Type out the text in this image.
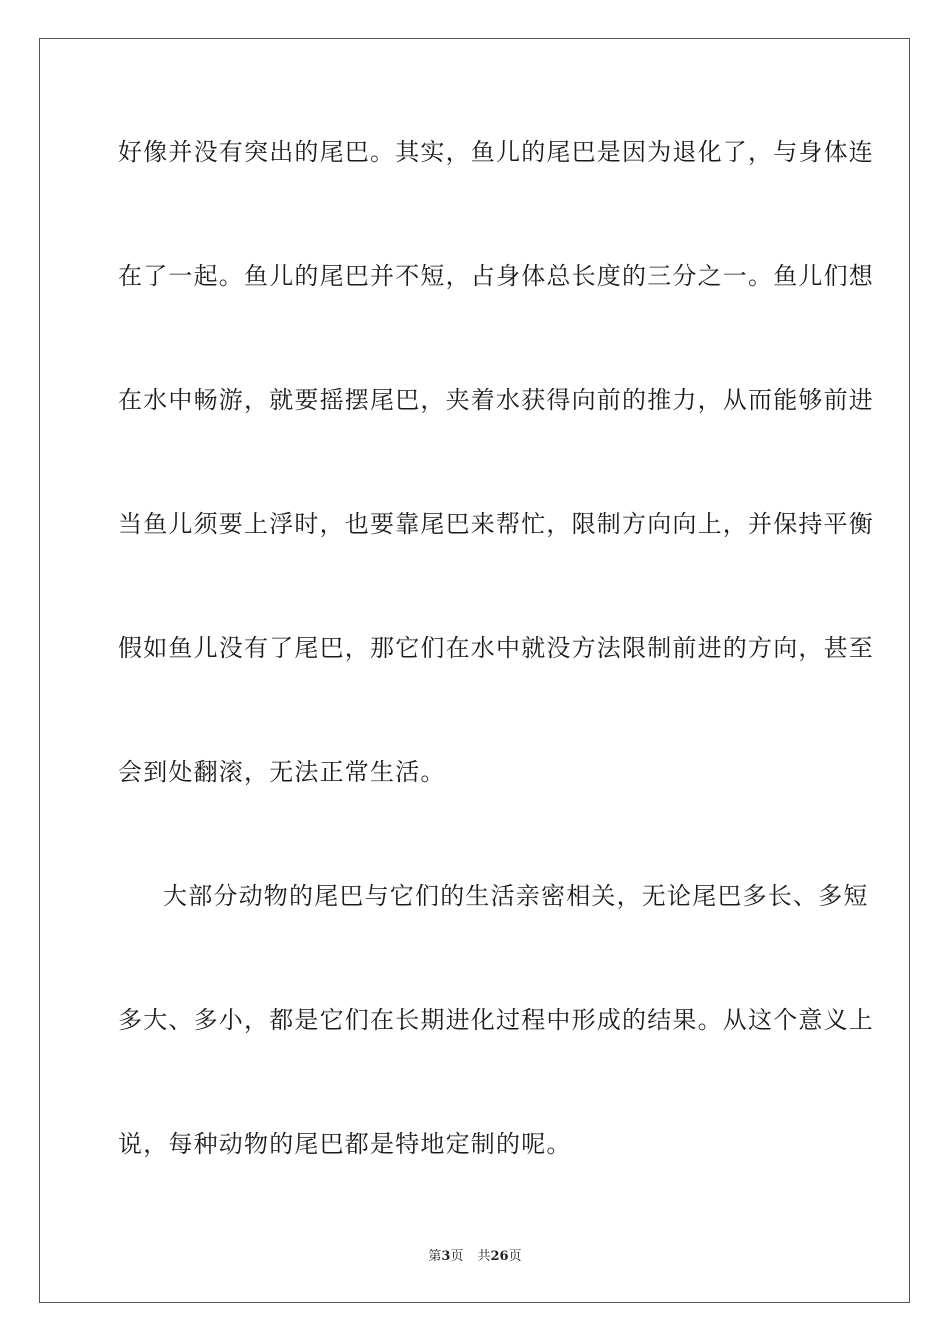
好像并没有突出的尾巴。其实，鱼儿的尾巴是因为退化了，与身体连
在了一起。鱼儿的尾巴并不短，占身体总长度的三分之一。鱼儿们想
在水中畅游，就要摇摆尾巴，夹着水获得向前的推力，从而能够前进
当鱼儿须要上浮时，也要靠尾巴来帮忙，限制方向向上，并保持平衡
假如鱼儿没有了尾巴，那它们在水中就没方法限制前进的方向，甚至
会到处翻滚，无法正常生活。
大部分动物的尾巴与它们的生活亲密相关，无论尾巴多长、多短
多大、多小，都是它们在长期进化过程中形成的结果。从这个意义上
说，每种动物的尾巴都是特地定制的呢。
第3页 共26页
